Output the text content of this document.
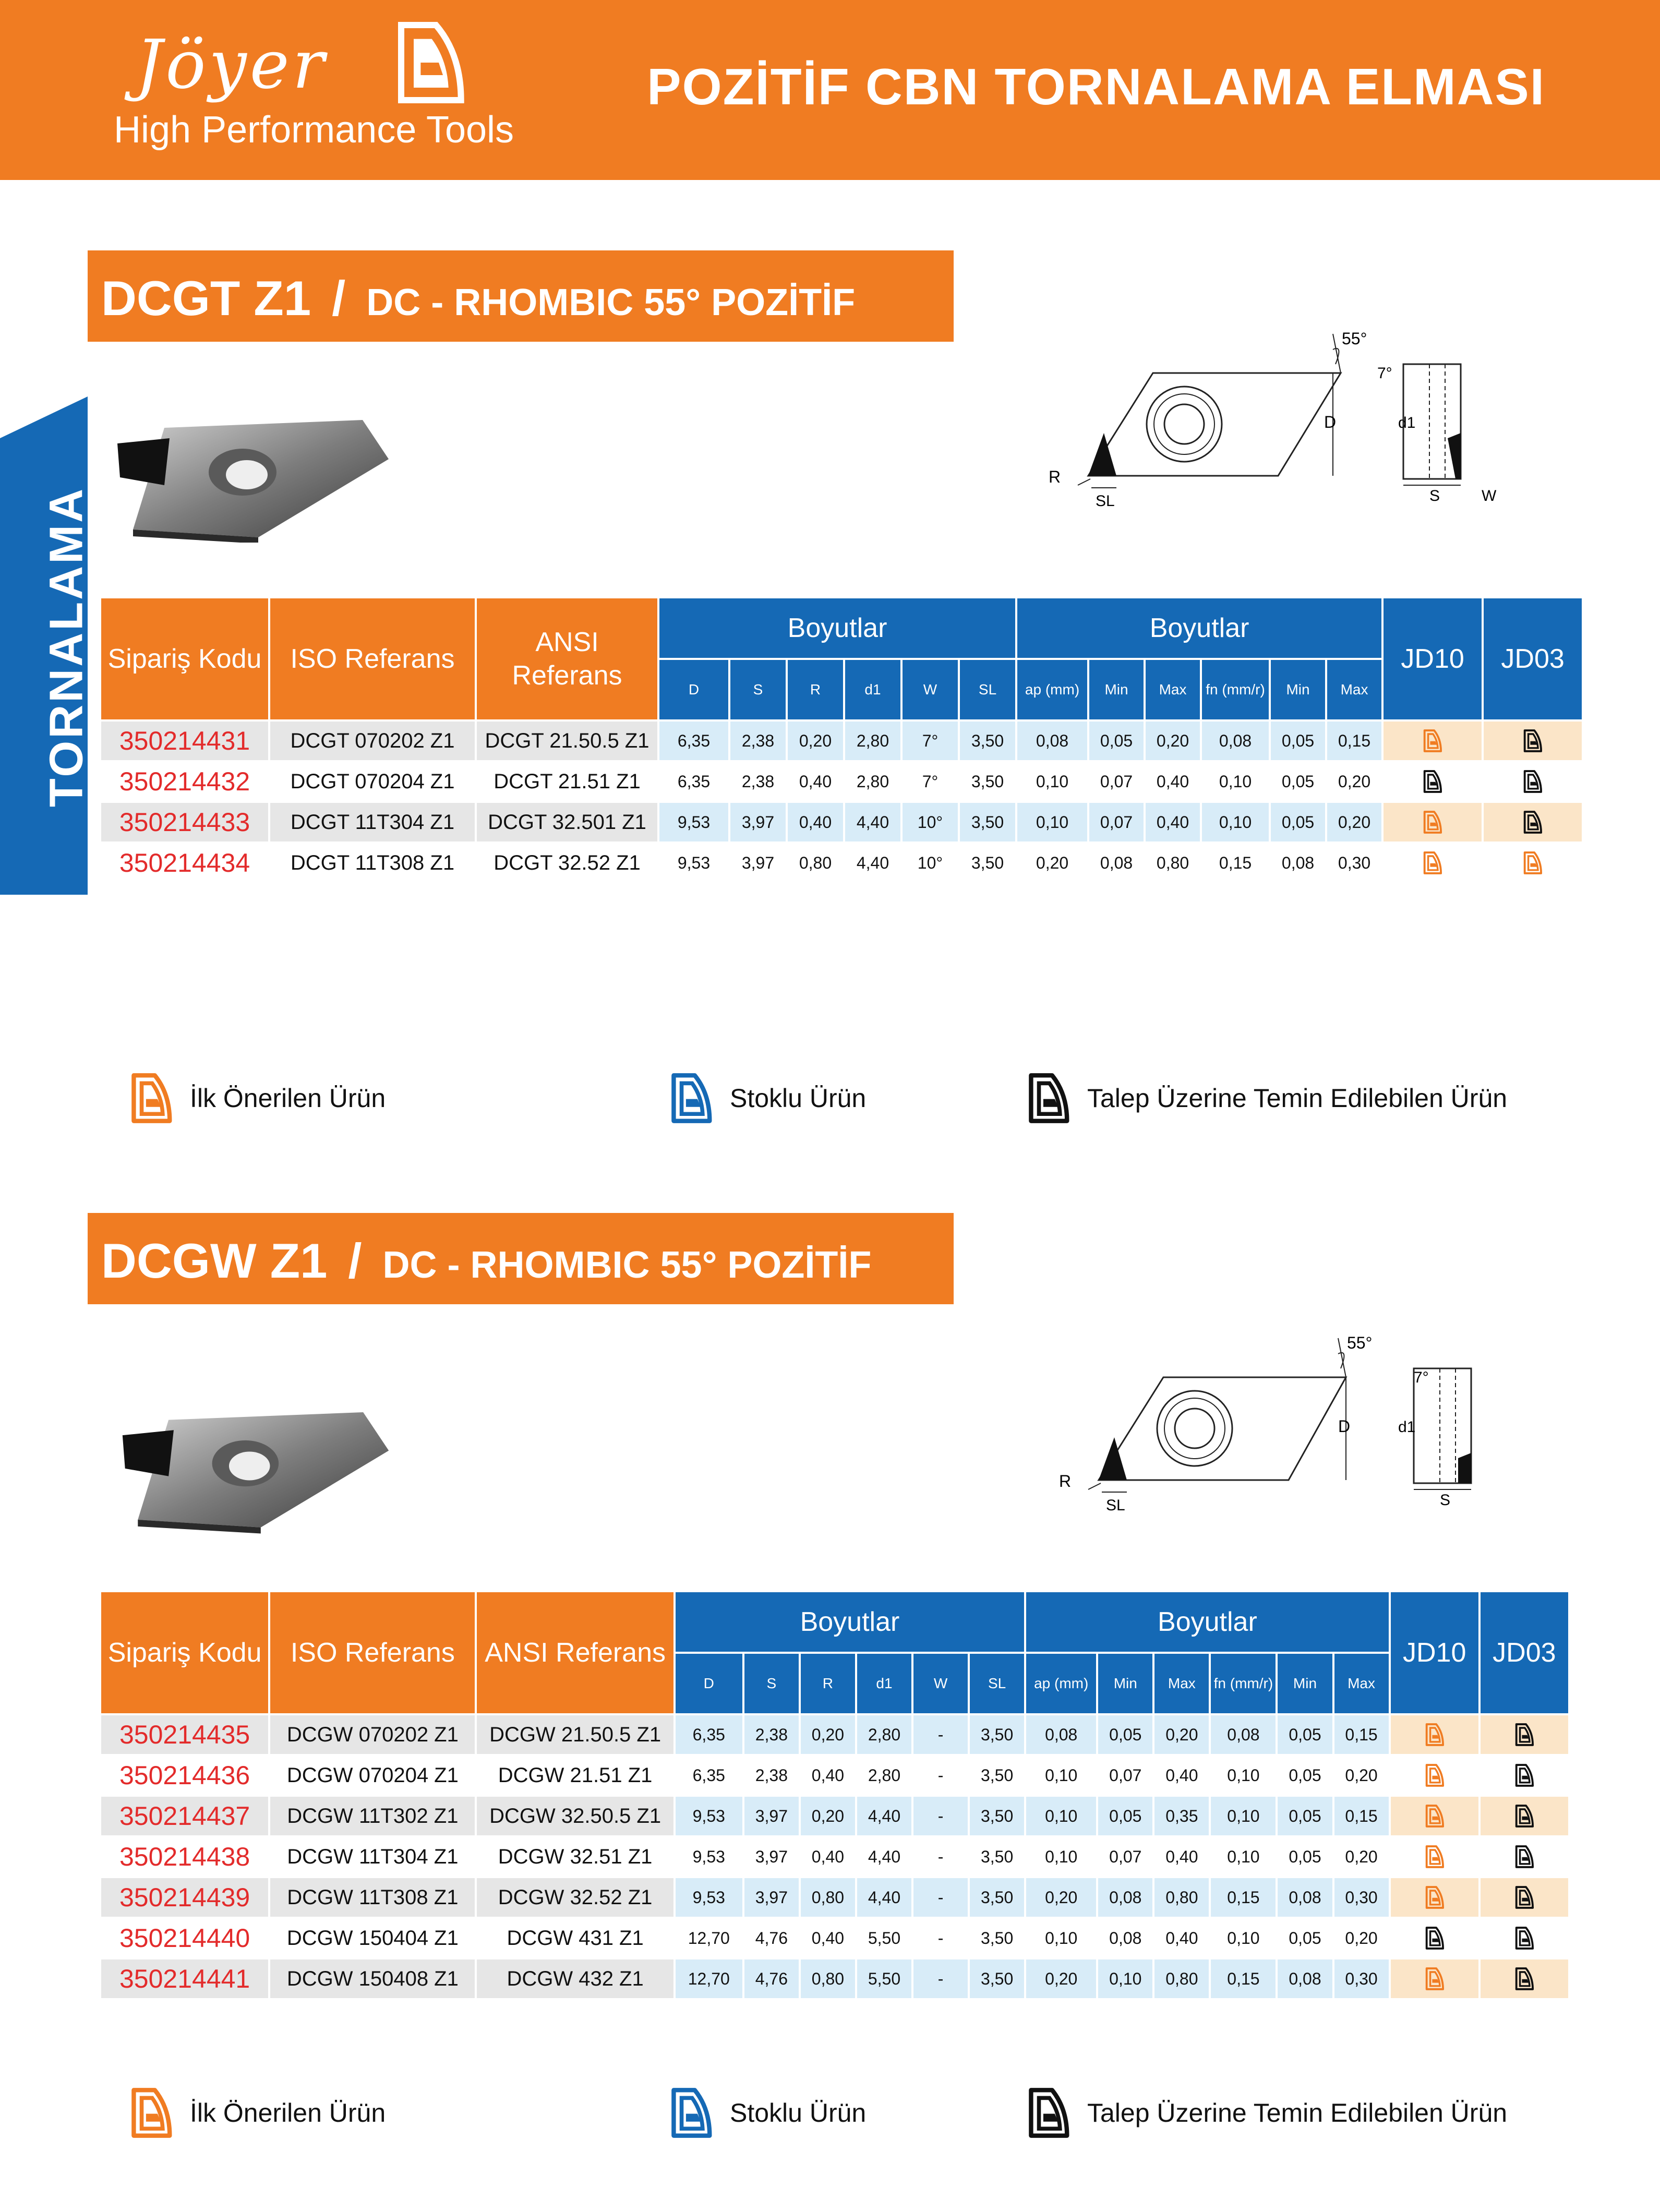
Jöyer
High Performance Tools
POZİTİF CBN TORNALAMA ELMASI
TORNALAMA
DCGT Z1 / DC - RHOMBIC 55° POZİTİF
55°
D
R
SL
7°
d1
S	W
Sipariş Kodu	ISO Referans	ANSI Referans	Boyutlar						Boyutlar						JD10	JD03
			D	S	R	d1	W	SL	ap (mm)	Min	Max	fn (mm/r)	Min	Max		
350214431	DCGT 070202 Z1	DCGT 21.50.5 Z1	6,35	2,38	0,20	2,80	7°	3,50	0,08	0,05	0,20	0,08	0,05	0,15		
350214432	DCGT 070204 Z1	DCGT 21.51 Z1	6,35	2,38	0,40	2,80	7°	3,50	0,10	0,07	0,40	0,10	0,05	0,20		
350214433	DCGT 11T304 Z1	DCGT 32.501 Z1	9,53	3,97	0,40	4,40	10°	3,50	0,10	0,07	0,40	0,10	0,05	0,20		
350214434	DCGT 11T308 Z1	DCGT 32.52 Z1	9,53	3,97	0,80	4,40	10°	3,50	0,20	0,08	0,80	0,15	0,08	0,30		
İlk Önerilen Ürün	Stoklu Ürün	Talep Üzerine Temin Edilebilen Ürün
DCGW Z1 / DC - RHOMBIC 55° POZİTİF
55°
D
R
SL
7°
d1
S
Sipariş Kodu	ISO Referans	ANSI Referans	Boyutlar						Boyutlar						JD10	JD03
			D	S	R	d1	W	SL	ap (mm)	Min	Max	fn (mm/r)	Min	Max		
350214435	DCGW 070202 Z1	DCGW 21.50.5 Z1	6,35	2,38	0,20	2,80	-	3,50	0,08	0,05	0,20	0,08	0,05	0,15		
350214436	DCGW 070204 Z1	DCGW 21.51 Z1	6,35	2,38	0,40	2,80	-	3,50	0,10	0,07	0,40	0,10	0,05	0,20		
350214437	DCGW 11T302 Z1	DCGW 32.50.5 Z1	9,53	3,97	0,20	4,40	-	3,50	0,10	0,05	0,35	0,10	0,05	0,15		
350214438	DCGW 11T304 Z1	DCGW 32.51 Z1	9,53	3,97	0,40	4,40	-	3,50	0,10	0,07	0,40	0,10	0,05	0,20		
350214439	DCGW 11T308 Z1	DCGW 32.52 Z1	9,53	3,97	0,80	4,40	-	3,50	0,20	0,08	0,80	0,15	0,08	0,30		
350214440	DCGW 150404 Z1	DCGW 431 Z1	12,70	4,76	0,40	5,50	-	3,50	0,10	0,08	0,40	0,10	0,05	0,20		
350214441	DCGW 150408 Z1	DCGW 432 Z1	12,70	4,76	0,80	5,50	-	3,50	0,20	0,10	0,80	0,15	0,08	0,30		
İlk Önerilen Ürün	Stoklu Ürün	Talep Üzerine Temin Edilebilen Ürün
